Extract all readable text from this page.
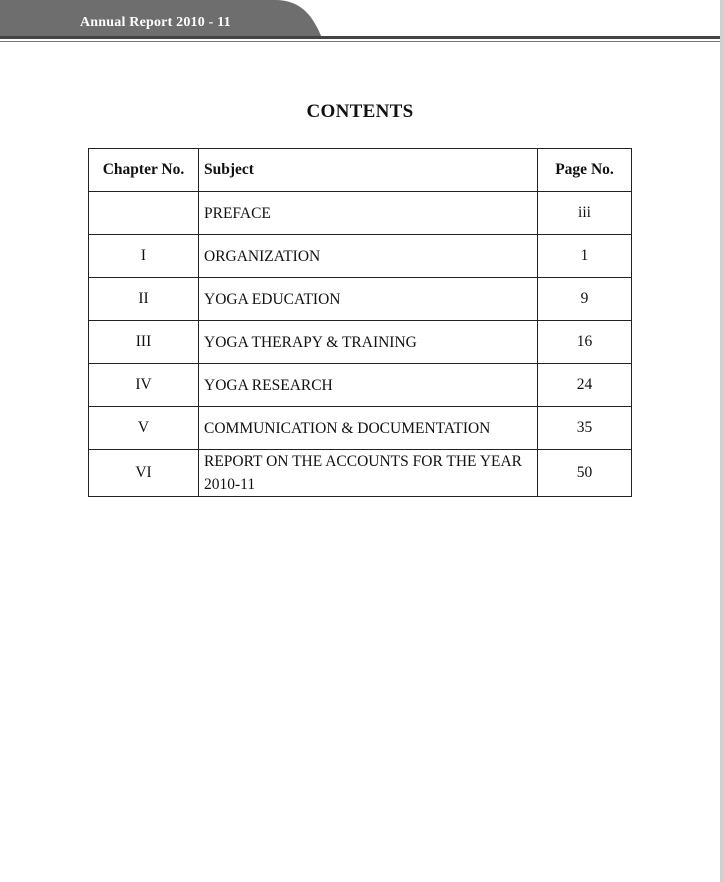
Annual Report 2010 - 11
CONTENTS
Chapter No.	Subject	Page No.
	PREFACE	iii
I	ORGANIZATION	1
II	YOGA EDUCATION	9
III	YOGA THERAPY & TRAINING	16
IV	YOGA RESEARCH	24
V	COMMUNICATION & DOCUMENTATION	35
VI	REPORT ON THE ACCOUNTS FOR THE YEAR 2010-11	50
